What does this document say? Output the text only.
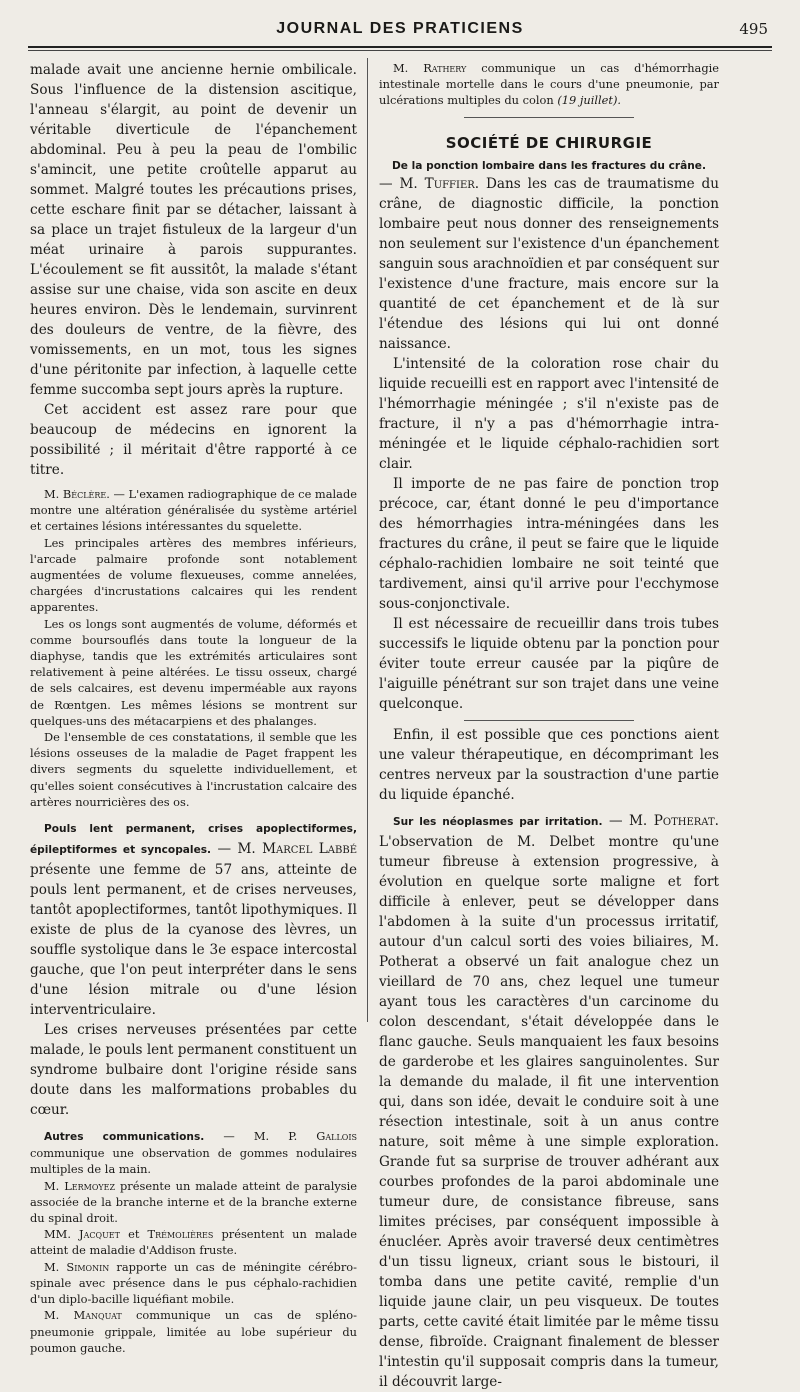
JOURNAL DES PRATICIENS	495

malade avait une ancienne hernie ombilicale. Sous l'influence de la distension ascitique, l'anneau s'élargit, au point de devenir un véritable diverticule de l'épanchement abdominal. Peu à peu la peau de l'ombilic s'amincit, une petite croûtelle apparut au sommet. Malgré toutes les précautions prises, cette eschare finit par se détacher, laissant à sa place un trajet fistuleux de la largeur d'un méat urinaire à parois suppurantes. L'écoulement se fit aussitôt, la malade s'étant assise sur une chaise, vida son ascite en deux heures environ. Dès le lendemain, survinrent des douleurs de ventre, de la fièvre, des vomissements, en un mot, tous les signes d'une péritonite par infection, à laquelle cette femme succomba sept jours après la rupture.

Cet accident est assez rare pour que beaucoup de médecins en ignorent la possibilité ; il méritait d'être rapporté à ce titre.

M. Béclère. — L'examen radiographique de ce malade montre une altération généralisée du système artériel et certaines lésions intéressantes du squelette.

Les principales artères des membres inférieurs, l'arcade palmaire profonde sont notablement augmentées de volume flexueuses, comme annelées, chargées d'incrustations calcaires qui les rendent apparentes.

Les os longs sont augmentés de volume, déformés et comme boursouflés dans toute la longueur de la diaphyse, tandis que les extrémités articulaires sont relativement à peine altérées. Le tissu osseux, chargé de sels calcaires, est devenu imperméable aux rayons de Rœntgen. Les mêmes lésions se montrent sur quelques-uns des métacarpiens et des phalanges.

De l'ensemble de ces constatations, il semble que les lésions osseuses de la maladie de Paget frappent les divers segments du squelette individuellement, et qu'elles soient consécutives à l'incrustation calcaire des artères nourricières des os.

Pouls lent permanent, crises apoplectiformes, épileptiformes et syncopales. — M. Marcel Labbé présente une femme de 57 ans, atteinte de pouls lent permanent, et de crises nerveuses, tantôt apoplectiformes, tantôt lipothymiques. Il existe de plus de la cyanose des lèvres, un souffle systolique dans le 3e espace intercostal gauche, que l'on peut interpréter dans le sens d'une lésion mitrale ou d'une lésion interventriculaire.

Les crises nerveuses présentées par cette malade, le pouls lent permanent constituent un syndrome bulbaire dont l'origine réside sans doute dans les malformations probables du cœur.

Autres communications. — M. P. Gallois communique une observation de gommes nodulaires multiples de la main.

M. Lermoyez présente un malade atteint de paralysie associée de la branche interne et de la branche externe du spinal droit.

MM. Jacquet et Trémolières présentent un malade atteint de maladie d'Addison fruste.

M. Simonin rapporte un cas de méningite cérébro-spinale avec présence dans le pus céphalo-rachidien d'un diplo-bacille liquéfiant mobile.

M. Manquat communique un cas de spléno-pneumonie grippale, limitée au lobe supérieur du poumon gauche.

M. Rathery communique un cas d'hémorrhagie intestinale mortelle dans le cours d'une pneumonie, par ulcérations multiples du colon (19 juillet).

SOCIÉTÉ DE CHIRURGIE
De la ponction lombaire dans les fractures du crâne.

— M. Tuffier. Dans les cas de traumatisme du crâne, de diagnostic difficile, la ponction lombaire peut nous donner des renseignements non seulement sur l'existence d'un épanchement sanguin sous arachnoïdien et par conséquent sur l'existence d'une fracture, mais encore sur la quantité de cet épanchement et de là sur l'étendue des lésions qui lui ont donné naissance.

L'intensité de la coloration rose chair du liquide recueilli est en rapport avec l'intensité de l'hémorrhagie méningée ; s'il n'existe pas de fracture, il n'y a pas d'hémorrhagie intra-méningée et le liquide céphalo-rachidien sort clair.

Il importe de ne pas faire de ponction trop précoce, car, étant donné le peu d'importance des hémorrhagies intra-méningées dans les fractures du crâne, il peut se faire que le liquide céphalo-rachidien lombaire ne soit teinté que tardivement, ainsi qu'il arrive pour l'ecchymose sous-conjonctivale.

Il est nécessaire de recueillir dans trois tubes successifs le liquide obtenu par la ponction pour éviter toute erreur causée par la piqûre de l'aiguille pénétrant sur son trajet dans une veine quelconque.

Enfin, il est possible que ces ponctions aient une valeur thérapeutique, en décomprimant les centres nerveux par la soustraction d'une partie du liquide épanché.

Sur les néoplasmes par irritation. — M. Potherat. L'observation de M. Delbet montre qu'une tumeur fibreuse à extension progressive, à évolution en quelque sorte maligne et fort difficile à enlever, peut se développer dans l'abdomen à la suite d'un processus irritatif, autour d'un calcul sorti des voies biliaires, M. Potherat a observé un fait analogue chez un vieillard de 70 ans, chez lequel une tumeur ayant tous les caractères d'un carcinome du colon descendant, s'était développée dans le flanc gauche. Seuls manquaient les faux besoins de garderobe et les glaires sanguinolentes. Sur la demande du malade, il fit une intervention qui, dans son idée, devait le conduire soit à une résection intestinale, soit à un anus contre nature, soit même à une simple exploration. Grande fut sa surprise de trouver adhérant aux courbes profondes de la paroi abdominale une tumeur dure, de consistance fibreuse, sans limites précises, par conséquent impossible à énucléer. Après avoir traversé deux centimètres d'un tissu ligneux, criant sous le bistouri, il tomba dans une petite cavité, remplie d'un liquide jaune clair, un peu visqueux. De toutes parts, cette cavité était limitée par le même tissu dense, fibroïde. Craignant finalement de blesser l'intestin qu'il supposait compris dans la tumeur, il découvrit large-
